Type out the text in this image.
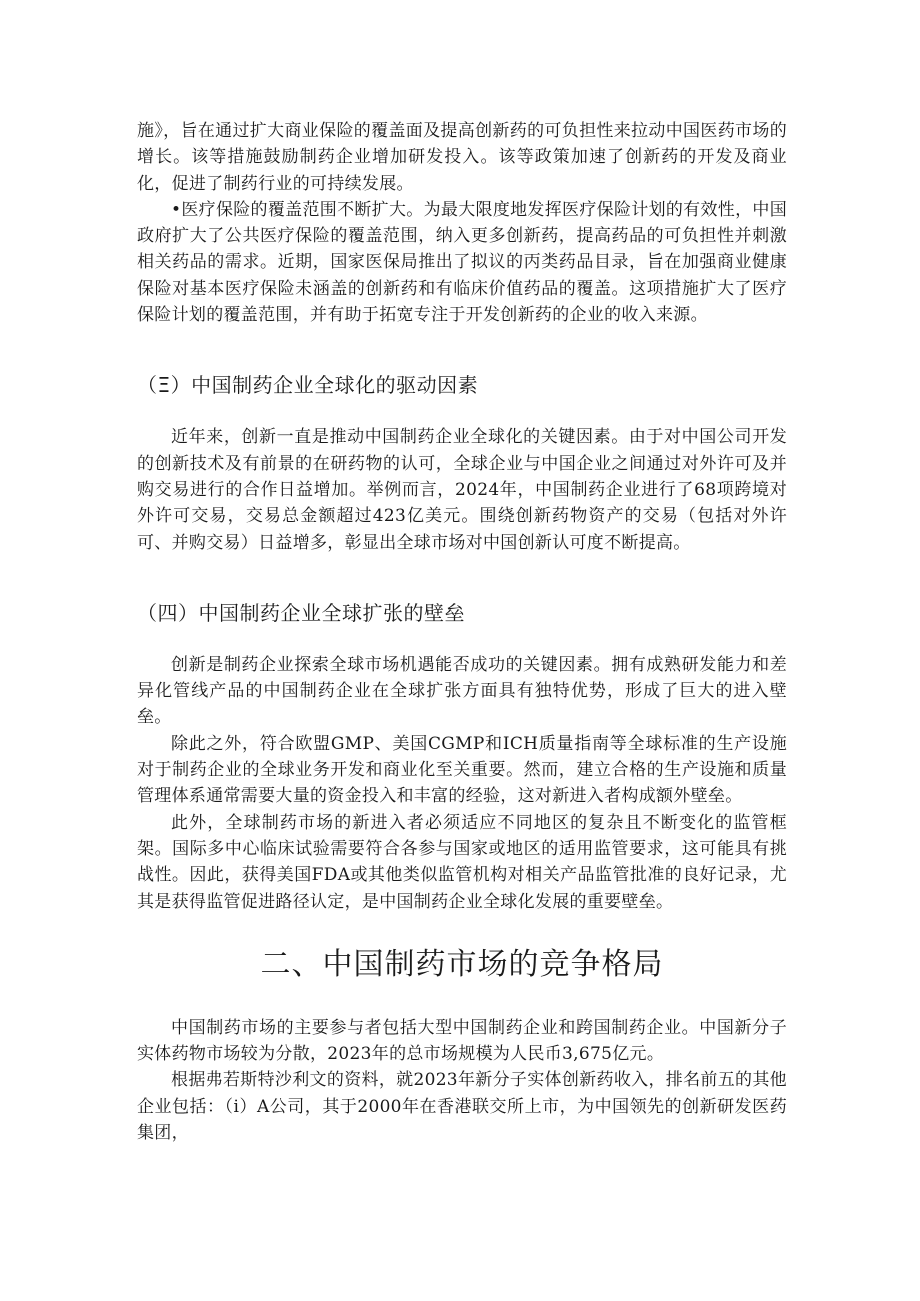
施》，旨在通过扩大商业保险的覆盖面及提高创新药的可负担性来拉动中国医药市场的增长。该等措施鼓励制药企业增加研发投入。该等政策加速了创新药的开发及商业化，促进了制药行业的可持续发展。

•医疗保险的覆盖范围不断扩大。为最大限度地发挥医疗保险计划的有效性，中国政府扩大了公共医疗保险的覆盖范围，纳入更多创新药，提高药品的可负担性并刺激相关药品的需求。近期，国家医保局推出了拟议的丙类药品目录，旨在加强商业健康保险对基本医疗保险未涵盖的创新药和有临床价值药品的覆盖。这项措施扩大了医疗保险计划的覆盖范围，并有助于拓宽专注于开发创新药的企业的收入来源。

（Ξ）中国制药企业全球化的驱动因素

近年来，创新一直是推动中国制药企业全球化的关键因素。由于对中国公司开发的创新技术及有前景的在研药物的认可，全球企业与中国企业之间通过对外许可及并购交易进行的合作日益增加。举例而言，2024年，中国制药企业进行了68项跨境对外许可交易，交易总金额超过423亿美元。围绕创新药物资产的交易（包括对外许可、并购交易）日益增多，彰显出全球市场对中国创新认可度不断提高。

（四）中国制药企业全球扩张的壁垒

创新是制药企业探索全球市场机遇能否成功的关键因素。拥有成熟研发能力和差异化管线产品的中国制药企业在全球扩张方面具有独特优势，形成了巨大的进入壁垒。

除此之外，符合欧盟GMP、美国CGMP和ICH质量指南等全球标准的生产设施对于制药企业的全球业务开发和商业化至关重要。然而，建立合格的生产设施和质量管理体系通常需要大量的资金投入和丰富的经验，这对新进入者构成额外壁垒。

此外，全球制药市场的新进入者必须适应不同地区的复杂且不断变化的监管框架。国际多中心临床试验需要符合各参与国家或地区的适用监管要求，这可能具有挑战性。因此，获得美国FDA或其他类似监管机构对相关产品监管批准的良好记录，尤其是获得监管促进路径认定，是中国制药企业全球化发展的重要壁垒。

二、中国制药市场的竞争格局

中国制药市场的主要参与者包括大型中国制药企业和跨国制药企业。中国新分子实体药物市场较为分散，2023年的总市场规模为人民币3,675亿元。

根据弗若斯特沙利文的资料，就2023年新分子实体创新药收入，排名前五的其他企业包括：（i）A公司，其于2000年在香港联交所上市，为中国领先的创新研发医药集团，
